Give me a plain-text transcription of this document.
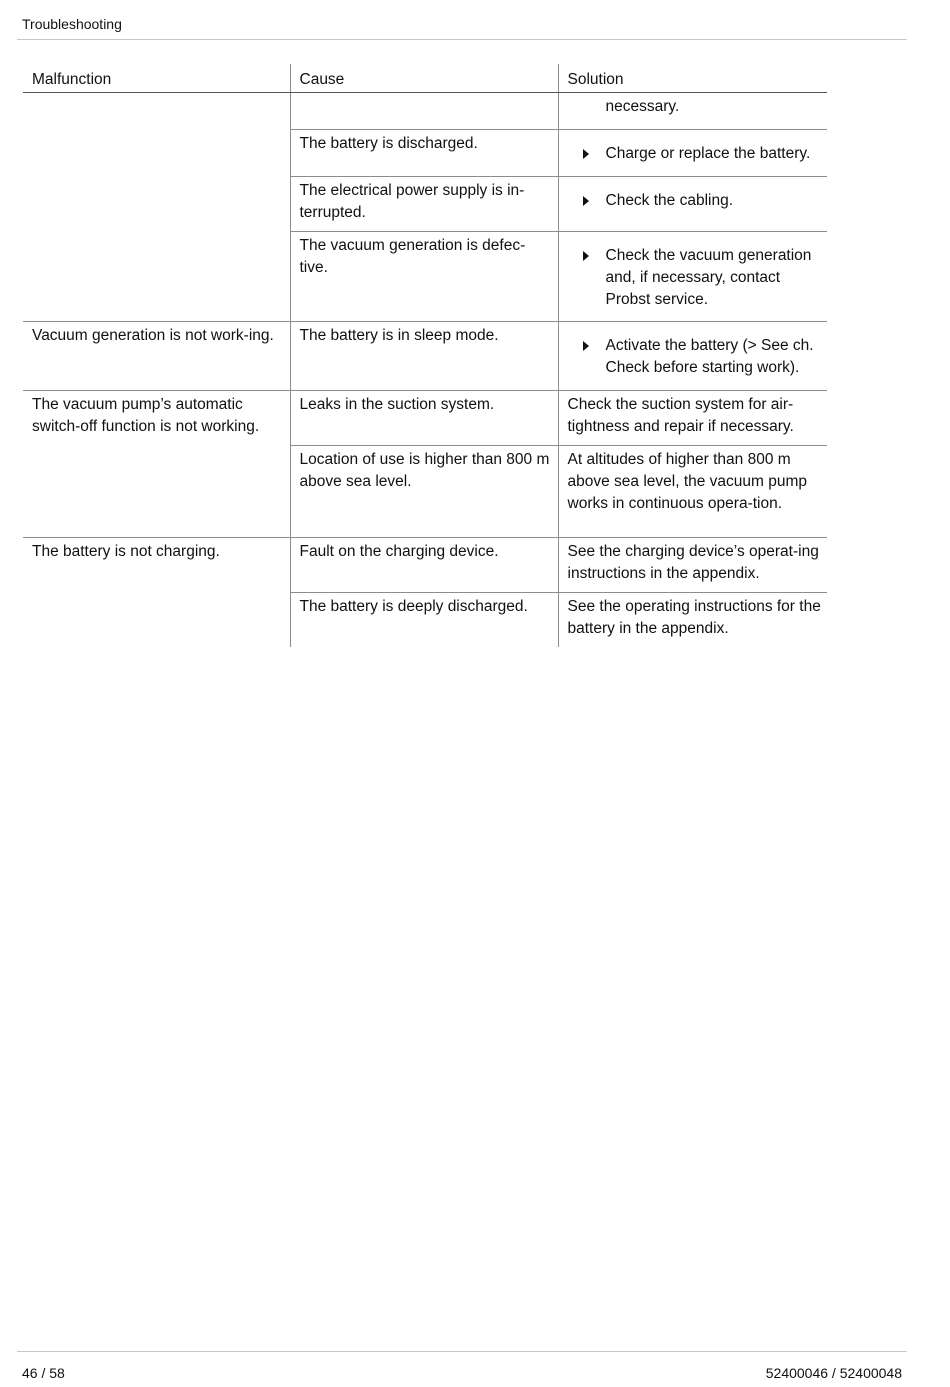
Troubleshooting
Malfunction	Cause	Solution

		necessary.

	The battery is discharged.	Charge or replace the battery.

	The electrical power supply is in-terrupted.	Check the cabling.

	The vacuum generation is defec-tive.	Check the vacuum generation and, if necessary, contact Probst service.

Vacuum generation is not work-ing.	The battery is in sleep mode.	Activate the battery (> See ch. Check before starting work).

The vacuum pump’s automatic switch-off function is not working.	Leaks in the suction system.	Check the suction system for air-tightness and repair if necessary.
	Location of use is higher than 800 m above sea level.	At altitudes of higher than 800 m above sea level, the vacuum pump works in continuous opera-tion.
The battery is not charging.	Fault on the charging device.	See the charging device’s operat-ing instructions in the appendix.
	The battery is deeply discharged.	See the operating instructions for the battery in the appendix.
46 / 58	52400046 / 52400048
